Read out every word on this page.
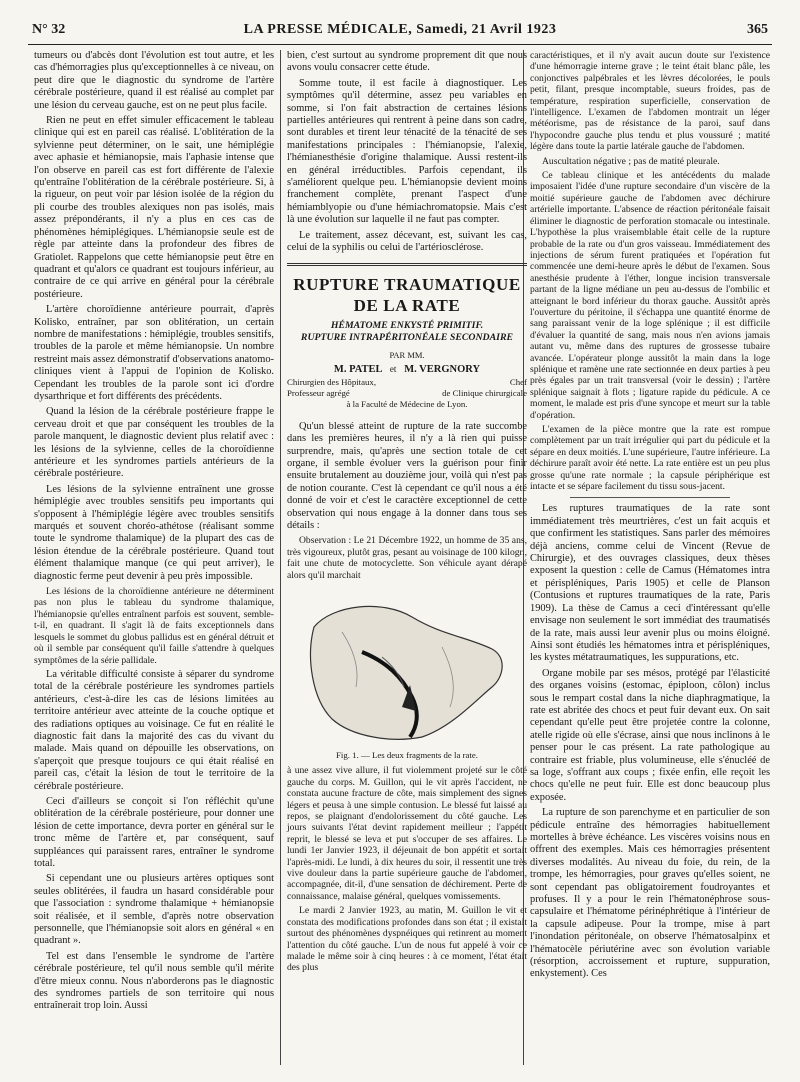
N° 32	LA PRESSE MÉDICALE, Samedi, 21 Avril 1923	365

tumeurs ou d'abcès dont l'évolution est tout autre, et les cas d'hémorragies plus qu'exceptionnelles à ce niveau, on peut dire que le diagnostic du syndrome de l'artère cérébrale postérieure, quand il est réalisé au complet par une lésion du cerveau gauche, est on ne peut plus facile.

Rien ne peut en effet simuler efficacement le tableau clinique qui est en pareil cas réalisé. L'oblitération de la sylvienne peut déterminer, on le sait, une hémiplégie avec aphasie et hémianopsie, mais l'aphasie intense que l'on observe en pareil cas est fort différente de l'alexie qu'entraîne l'oblitération de la cérébrale postérieure. Si, à la rigueur, on peut voir par lésion isolée de la région du pli courbe des troubles alexiques non pas isolés, mais assez prépondérants, il n'y a plus en ces cas de phénomènes hémiplégiques. L'hémianopsie seule est de règle par atteinte dans la profondeur des fibres de Gratiolet. Rappelons que cette hémianopsie peut être en quadrant et qu'alors ce quadrant est toujours inférieur, au contraire de ce qui arrive en général pour la cérébrale postérieure.

L'artère choroïdienne antérieure pourrait, d'après Kolisko, entraîner, par son oblitération, un certain nombre de manifestations : hémiplégie, troubles sensitifs, troubles de la parole et même hémianopsie. Un nombre restreint mais assez démonstratif d'observations anatomo-cliniques vient à l'appui de l'opinion de Kolisko. Cependant les troubles de la parole sont ici d'ordre dysarthrique et fort différents des précédents.

Quand la lésion de la cérébrale postérieure frappe le cerveau droit et que par conséquent les troubles de la parole manquent, le diagnostic devient plus relatif avec : les lésions de la sylvienne, celles de la choroïdienne antérieure et les syndromes partiels antérieurs de la cérébrale postérieure.

Les lésions de la sylvienne entraînent une grosse hémiplégie avec troubles sensitifs peu importants qui s'opposent à l'hémiplégie légère avec troubles sensitifs marqués et souvent choréo-athétose (réalisant somme toute le syndrome thalamique) de la plupart des cas de lésion étendue de la cérébrale postérieure. Quand tout élément thalamique manque (ce qui peut arriver), le diagnostic ferme peut devenir à peu près impossible.

Les lésions de la choroïdienne antérieure ne déterminent pas non plus le tableau du syndrome thalamique, l'hémianopsie qu'elles entraînent parfois est souvent, semble-t-il, en quadrant. Il s'agit là de faits exceptionnels dans lesquels le sommet du globus pallidus est en général détruit et où il semble par conséquent qu'il faille s'attendre à quelques symptômes de la série pallidale.

La véritable difficulté consiste à séparer du syndrome total de la cérébrale postérieure les syndromes partiels antérieurs, c'est-à-dire les cas de lésions limitées au territoire antérieur avec atteinte de la couche optique et des radiations optiques au voisinage. Ce fut en réalité le diagnostic fait dans la majorité des cas du vivant du malade. Mais quand on dépouille les observations, on s'aperçoit que presque toujours ce qui était réalisé en pareil cas, c'était la lésion de tout le territoire de la cérébrale postérieure.

Ceci d'ailleurs se conçoit si l'on réfléchit qu'une oblitération de la cérébrale postérieure, pour donner une lésion de cette importance, devra porter en général sur le tronc même de l'artère et, par conséquent, sauf suppléances qui paraissent rares, entraîner le syndrome total.

Si cependant une ou plusieurs artères optiques sont seules oblitérées, il faudra un hasard considérable pour que l'association : syndrome thalamique + hémianopsie soit réalisée, et il semble, d'après notre observation personnelle, que l'hémianopsie soit alors en général « en quadrant ».

Tel est dans l'ensemble le syndrome de l'artère cérébrale postérieure, tel qu'il nous semble qu'il mérite d'être mieux connu. Nous n'aborderons pas le diagnostic des syndromes partiels de son territoire qui nous entraînerait trop loin. Aussi

bien, c'est surtout au syndrome proprement dit que nous avons voulu consacrer cette étude.

Somme toute, il est facile à diagnostiquer. Les symptômes qu'il détermine, assez peu variables en somme, si l'on fait abstraction de certaines lésions partielles antérieures qui rentrent à peine dans son cadre, sont durables et tirent leur ténacité de la ténacité de ses manifestations principales : l'hémianopsie, l'alexie, l'hémianesthésie d'origine thalamique. Aussi restent-ils en général irréductibles. Parfois cependant, ils s'améliorent quelque peu. L'hémianopsie devient moins franchement complète, prenant l'aspect d'une hémiamblyopie ou d'une hémiachromatopsie. Mais c'est là une évolution sur laquelle il ne faut pas compter.

Le traitement, assez décevant, est, suivant les cas, celui de la syphilis ou celui de l'artériosclérose.

RUPTURE TRAUMATIQUE
DE LA RATE
HÉMATOME ENKYSTÉ PRIMITIF.
RUPTURE INTRAPÉRITONÉALE SECONDAIRE
PAR MM.
M. PATEL et M. VERGNORY
Chirurgien des Hôpitaux,
Professeur agrégé
Chef
de Clinique chirurgicale
à la Faculté de Médecine de Lyon.

Qu'un blessé atteint de rupture de la rate succombe dans les premières heures, il n'y a là rien qui puisse surprendre, mais, qu'après une section totale de cet organe, il semble évoluer vers la guérison pour finir ensuite brutalement au douzième jour, voilà qui n'est pas de notion courante. C'est là cependant ce qu'il nous a été donné de voir et c'est le caractère exceptionnel de cette observation qui nous engage à la donner dans tous ses détails :

Observation : Le 21 Décembre 1922, un homme de 35 ans, très vigoureux, plutôt gras, pesant au voisinage de 100 kilogr., fait une chute de motocyclette. Son véhicule ayant dérapé alors qu'il marchait

Fig. 1. — Les deux fragments de la rate.

à une assez vive allure, il fut violemment projeté sur le côté gauche du corps. M. Guillon, qui le vit après l'accident, ne constata aucune fracture de côte, mais simplement des signes légers et peusa à une simple contusion. Le blessé fut laissé au repos, se plaignant d'endolorissement du côté gauche. Les jours suivants l'état devint rapidement meilleur ; l'appétit reprit, le blessé se leva et put s'occuper de ses affaires. Le lundi 1er Janvier 1923, il déjeunait de bon appétit et sortait l'après-midi. Le lundi, à dix heures du soir, il ressentit une très vive douleur dans la partie supérieure gauche de l'abdomen, accompagnée, dit-il, d'une sensation de déchirement. Perte de connaissance, malaise général, quelques vomissements.

Le mardi 2 Janvier 1923, au matin, M. Guillon le vit et constata des modifications profondes dans son état ; il existait surtout des phénomènes dyspnéiques qui retinrent au moment l'attention du côté gauche. L'un de nous fut appelé à voir ce malade le même soir à cinq heures : à ce moment, l'état était des plus

caractéristiques, et il n'y avait aucun doute sur l'existence d'une hémorragie interne grave ; le teint était blanc pâle, les conjonctives palpébrales et les lèvres décolorées, le pouls petit, filant, presque incomptable, sueurs froides, pas de température, respiration superficielle, conservation de l'intelligence. L'examen de l'abdomen montrait un léger météorisme, pas de résistance de la paroi, sauf dans l'hypocondre gauche plus tendu et plus voussuré ; matité légère dans toute la partie latérale gauche de l'abdomen.

Auscultation négative ; pas de matité pleurale.

Ce tableau clinique et les antécédents du malade imposaient l'idée d'une rupture secondaire d'un viscère de la moitié supérieure gauche de l'abdomen avec déchirure artérielle importante. L'absence de réaction péritonéale faisait éliminer le diagnostic de perforation stomacale ou intestinale. L'hypothèse la plus vraisemblable était celle de la rupture probable de la rate ou d'un gros vaisseau. Immédiatement des injections de sérum furent pratiquées et l'opération fut commencée une demi-heure après le début de l'examen. Sous anesthésie prudente à l'éther, longue incision transversale partant de la ligne médiane un peu au-dessus de l'ombilic et atteignant le bord inférieur du thorax gauche. Aussitôt après l'ouverture du péritoine, il s'échappa une quantité énorme de sang paraissant venir de la loge splénique ; il est difficile d'évaluer la quantité de sang, mais nous n'en avions jamais autant vu, même dans des ruptures de grossesse tubaire avancée. L'opérateur plonge aussitôt la main dans la loge splénique et ramène une rate sectionnée en deux parties à peu près égales par un trait transversal (voir le dessin) ; l'artère splénique saignait à flots ; ligature rapide du pédicule. A ce moment, le malade est pris d'une syncope et meurt sur la table d'opération.

L'examen de la pièce montre que la rate est rompue complètement par un trait irrégulier qui part du pédicule et la sépare en deux moitiés. L'une supérieure, l'autre inférieure. La déchirure paraît avoir été nette. La rate entière est un peu plus grosse qu'une rate normale ; la capsule périphérique est intacte et se sépare facilement du tissu sous-jacent.

Les ruptures traumatiques de la rate sont immédiatement très meurtrières, c'est un fait acquis et que confirment les statistiques. Sans parler des mémoires déjà anciens, comme celui de Vincent (Revue de Chirurgie), et des ouvrages classiques, deux thèses exposent la question : celle de Camus (Hématomes intra et périspléniques, Paris 1905) et celle de Planson (Contusions et ruptures traumatiques de la rate, Paris 1909). La thèse de Camus a ceci d'intéressant qu'elle envisage non seulement le sort immédiat des traumatisés de la rate, mais aussi leur avenir plus ou moins éloigné. Ainsi sont étudiés les hématomes intra et périspléniques, les kystes métatraumatiques, les suppurations, etc.

Organe mobile par ses mésos, protégé par l'élasticité des organes voisins (estomac, épiploon, côlon) inclus sous le rempart costal dans la niche diaphragmatique, la rate est abritée des chocs et peut fuir devant eux. On sait cependant qu'elle peut être projetée contre la colonne, atelle rigide où elle s'écrase, ainsi que nous inclinons à le penser pour le cas présent. La rate pathologique au contraire est friable, plus volumineuse, elle s'énucléé de sa loge, s'offrant aux coups ; fixée enfin, elle reçoit les chocs qu'elle ne peut fuir. Elle est donc beaucoup plus exposée.

La rupture de son parenchyme et en particulier de son pédicule entraîne des hémorragies habituellement mortelles à brève échéance. Les viscères voisins nous en offrent des exemples. Mais ces hémorragies présentent diverses modalités. Au niveau du foie, du rein, de la trompe, les hémorragies, pour graves qu'elles soient, ne sont cependant pas obligatoirement foudroyantes et profuses. Il y a pour le rein l'hématonéphrose sous-capsulaire et l'hématome périnéphrétique à l'intérieur de la capsule adipeuse. Pour la trompe, mise à part l'inondation péritonéale, on observe l'hématosalpinx et l'hématocèle périutérine avec son évolution variable (résorption, accroissement et rupture, suppuration, enkystement). Ces
